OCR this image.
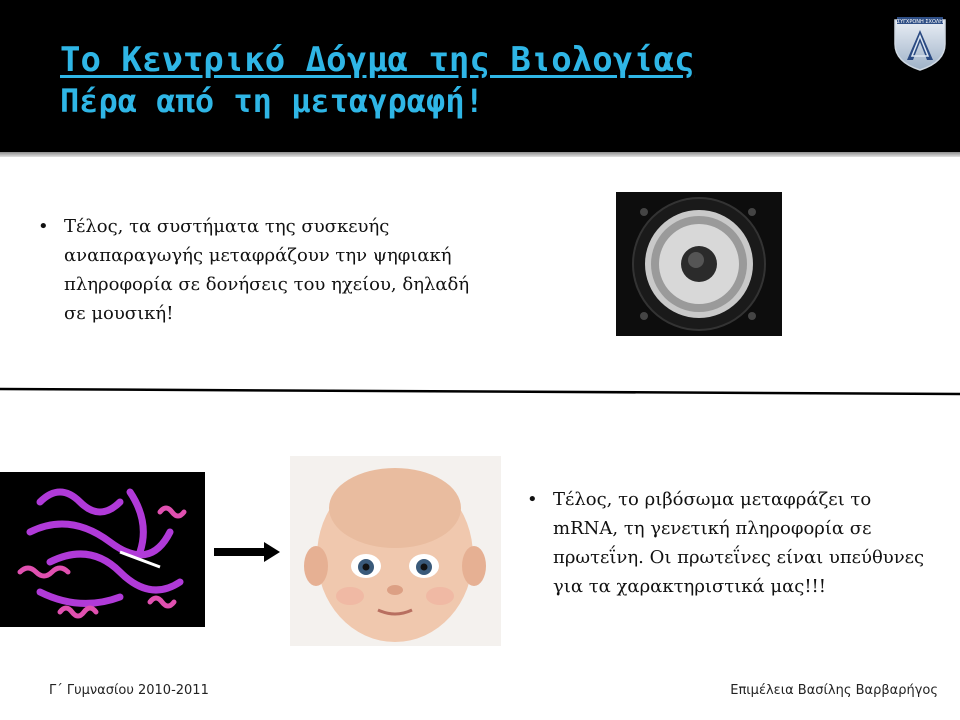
Το Κεντρικό Δόγμα της Βιολογίας
Πέρα από τη μεταγραφή!
ΣΥΓΧΡΟΝΗ ΣΧΟΛΗ
• Τέλος, τα συστήματα της συσκευής αναπαραγωγής μεταφράζουν την ψηφιακή πληροφορία σε δονήσεις του ηχείου, δηλαδή σε μουσική!
• Τέλος, το ριβόσωμα μεταφράζει το mRNA, τη γενετική πληροφορία σε πρωτεΐνη. Οι πρωτεΐνες είναι υπεύθυνες για τα χαρακτηριστικά μας!!!
Γ΄ Γυμνασίου 2010-2011	Επιμέλεια Βασίλης Βαρβαρήγος
